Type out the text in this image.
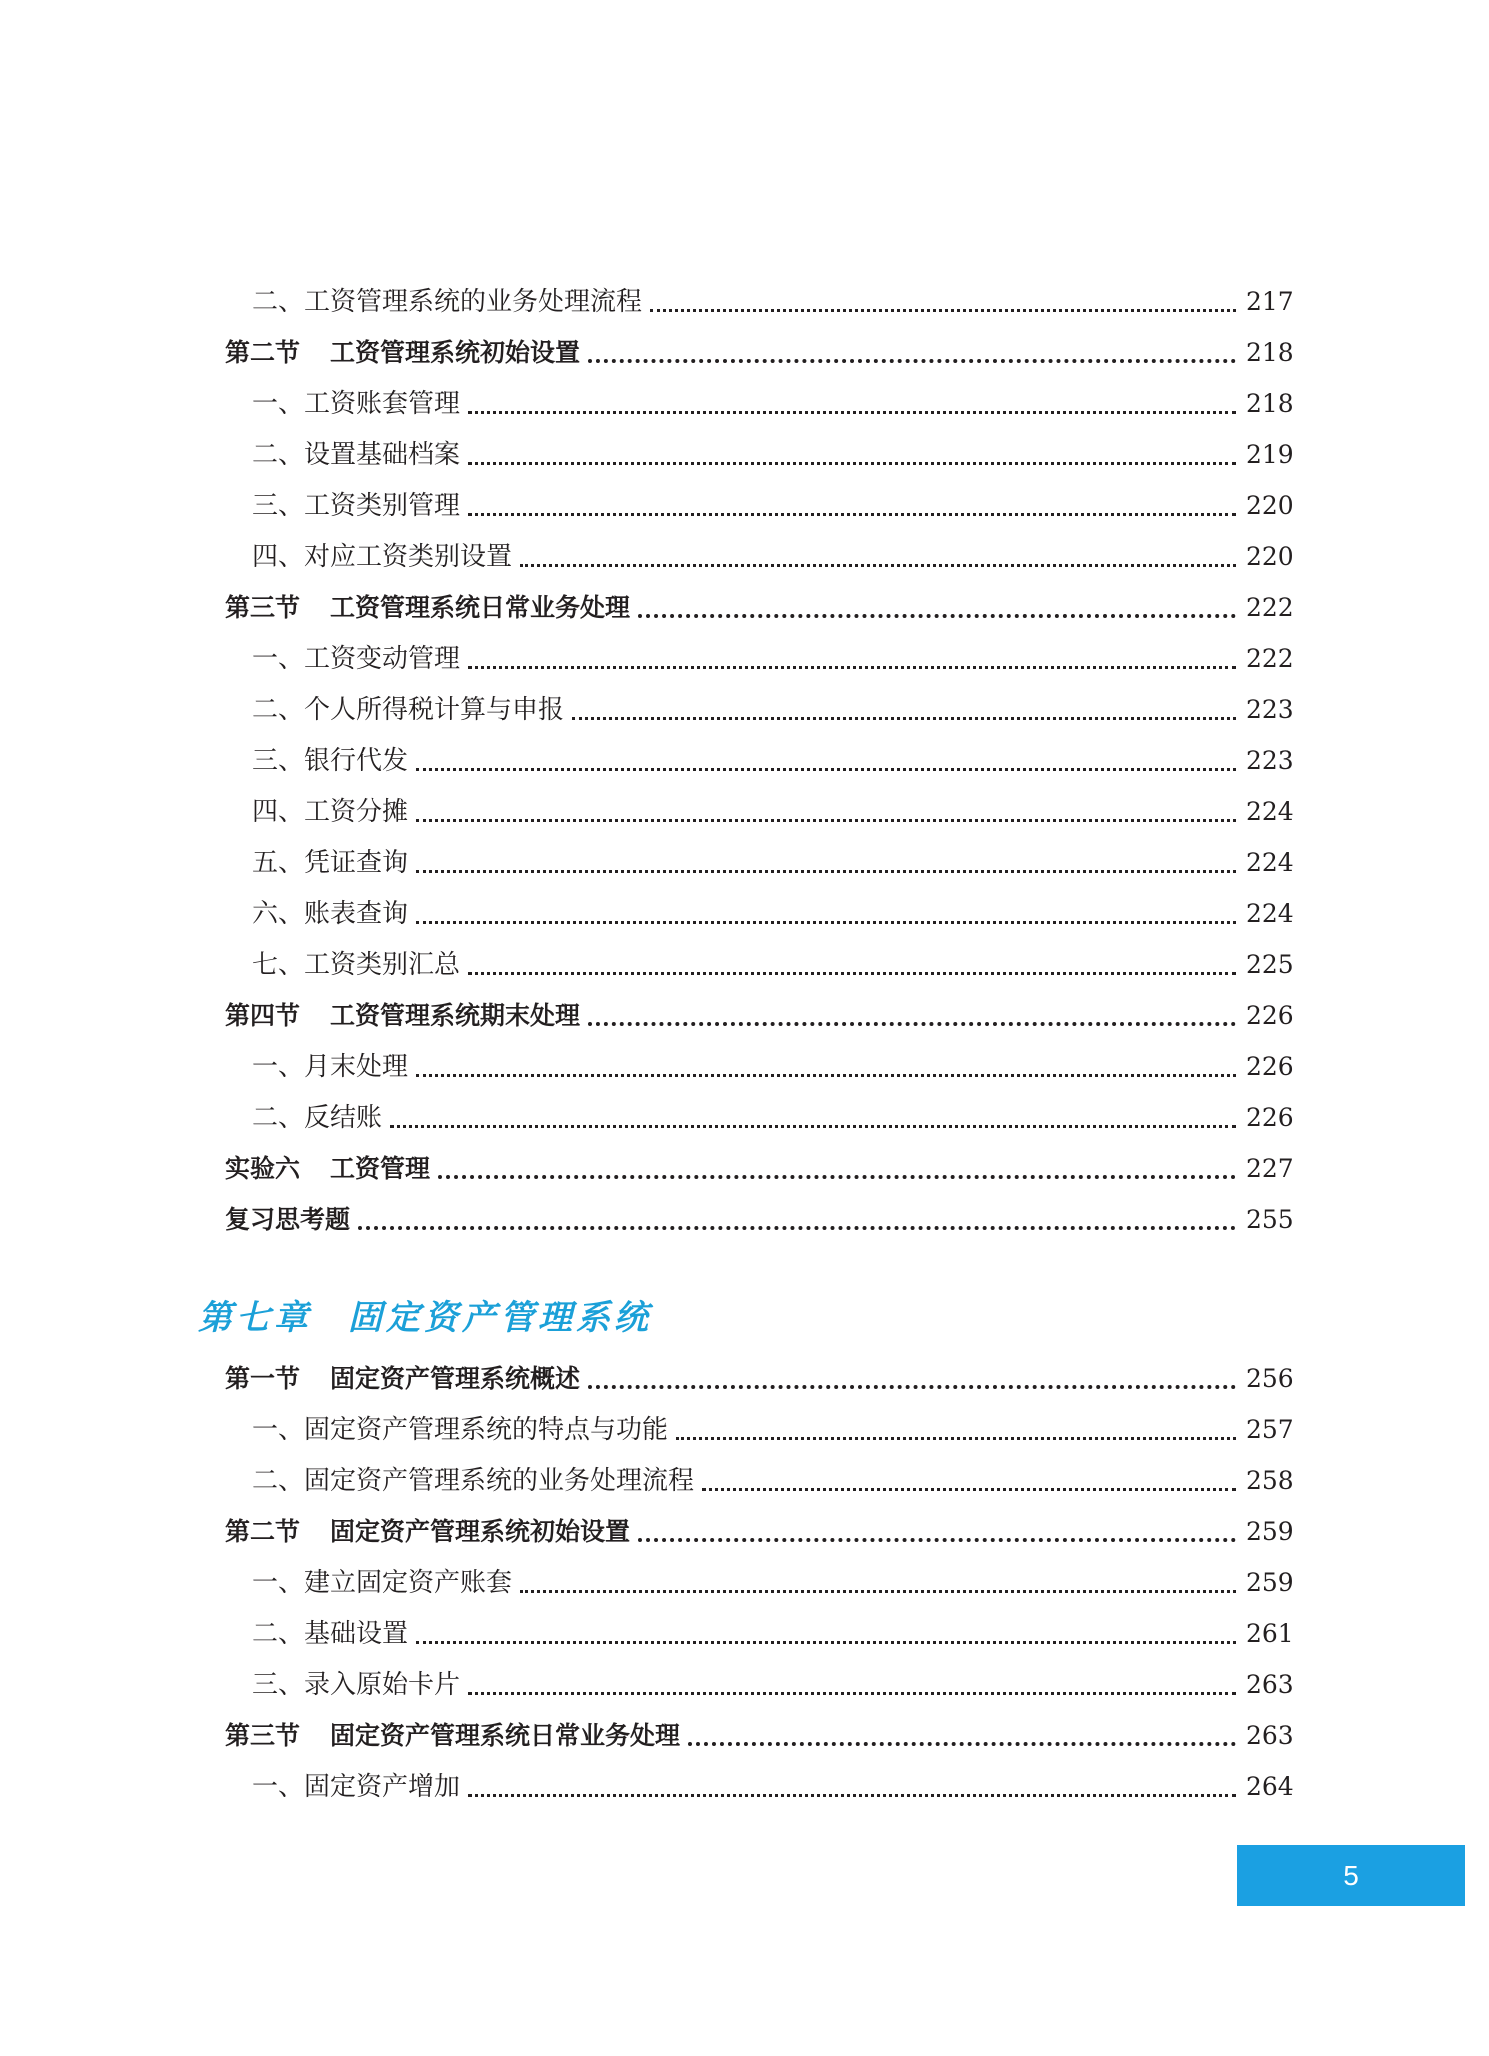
二、工资管理系统的业务处理流程	217
第二节 工资管理系统初始设置	218
一、工资账套管理	218
二、设置基础档案	219
三、工资类别管理	220
四、对应工资类别设置	220
第三节 工资管理系统日常业务处理	222
一、工资变动管理	222
二、个人所得税计算与申报	223
三、银行代发	223
四、工资分摊	224
五、凭证查询	224
六、账表查询	224
七、工资类别汇总	225
第四节 工资管理系统期末处理	226
一、月末处理	226
二、反结账	226
实验六 工资管理	227
复习思考题	255
第七章 固定资产管理系统
第一节 固定资产管理系统概述	256
一、固定资产管理系统的特点与功能	257
二、固定资产管理系统的业务处理流程	258
第二节 固定资产管理系统初始设置	259
一、建立固定资产账套	259
二、基础设置	261
三、录入原始卡片	263
第三节 固定资产管理系统日常业务处理	263
一、固定资产增加	264
5
